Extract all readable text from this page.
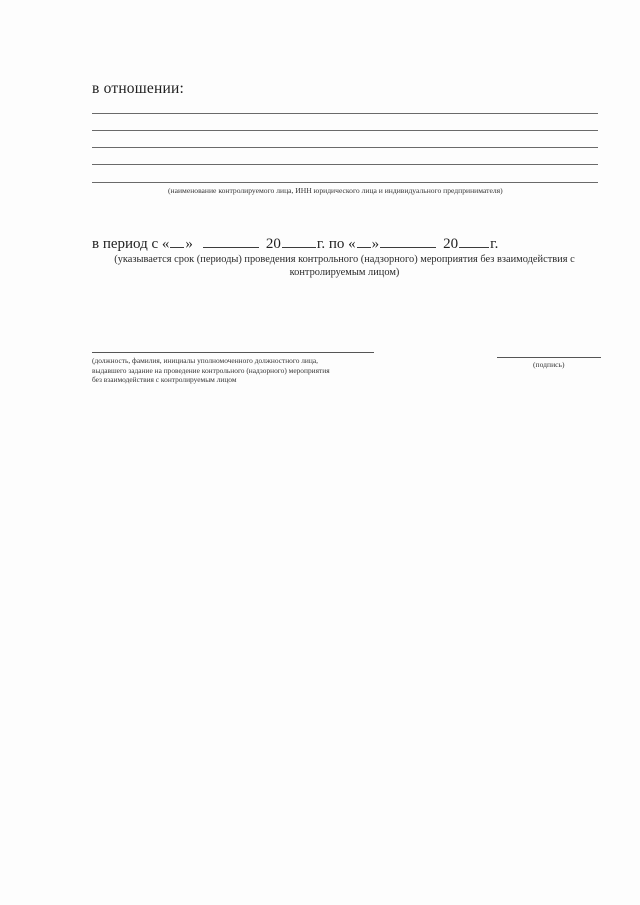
в отношении:
(наименование контролируемого лица, ИНН юридического лица и индивидуального предпринимателя)
в период с « »	20 г. по « »	20 г.
(указывается срок (периоды) проведения контрольного (надзорного) мероприятия без взаимодействия с
контролируемым лицом)
(должность, фамилия, инициалы уполномоченного должностного лица,
выдавшего задание на проведение контрольного (надзорного) мероприятия
без взаимодействия с контролируемым лицом
(подпись)
